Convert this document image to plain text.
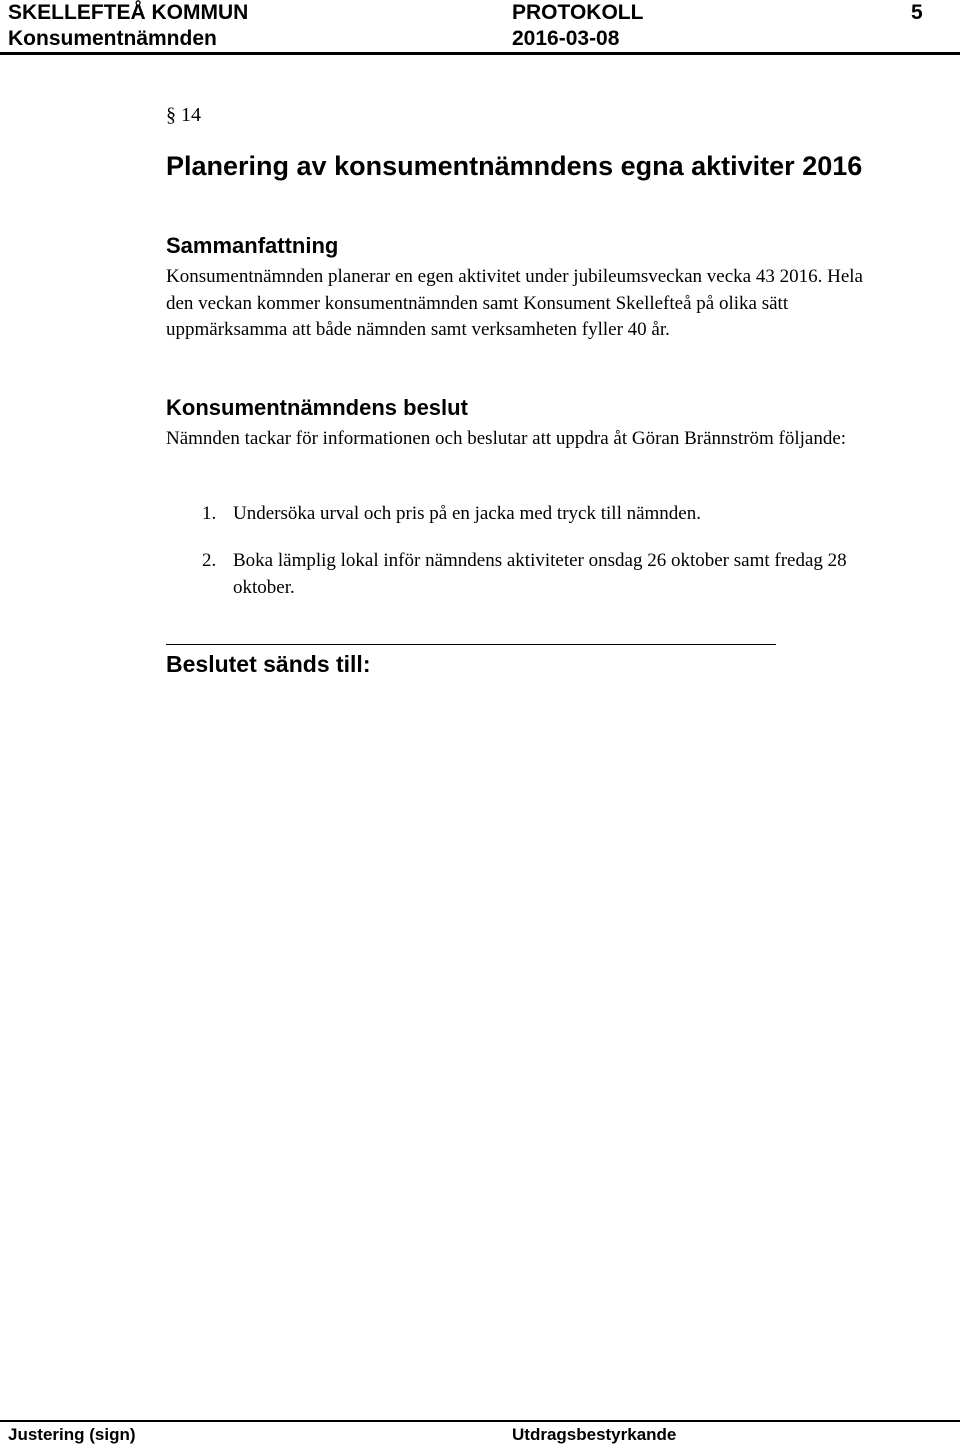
SKELLEFTEÅ KOMMUN	PROTOKOLL	5
Konsumentnämnden	2016-03-08
§ 14
Planering av konsumentnämndens egna aktiviter 2016
Sammanfattning
Konsumentnämnden planerar en egen aktivitet under jubileumsveckan vecka 43 2016. Hela den veckan kommer konsumentnämnden samt Konsument Skellefteå på olika sätt uppmärksamma att både nämnden samt verksamheten fyller 40 år.
Konsumentnämndens beslut
Nämnden tackar för informationen och beslutar att uppdra åt Göran Brännström följande:
1. Undersöka urval och pris på en jacka med tryck till nämnden.
2. Boka lämplig lokal inför nämndens aktiviteter onsdag 26 oktober samt fredag 28 oktober.
Beslutet sänds till:
Justering (sign)	Utdragsbestyrkande
